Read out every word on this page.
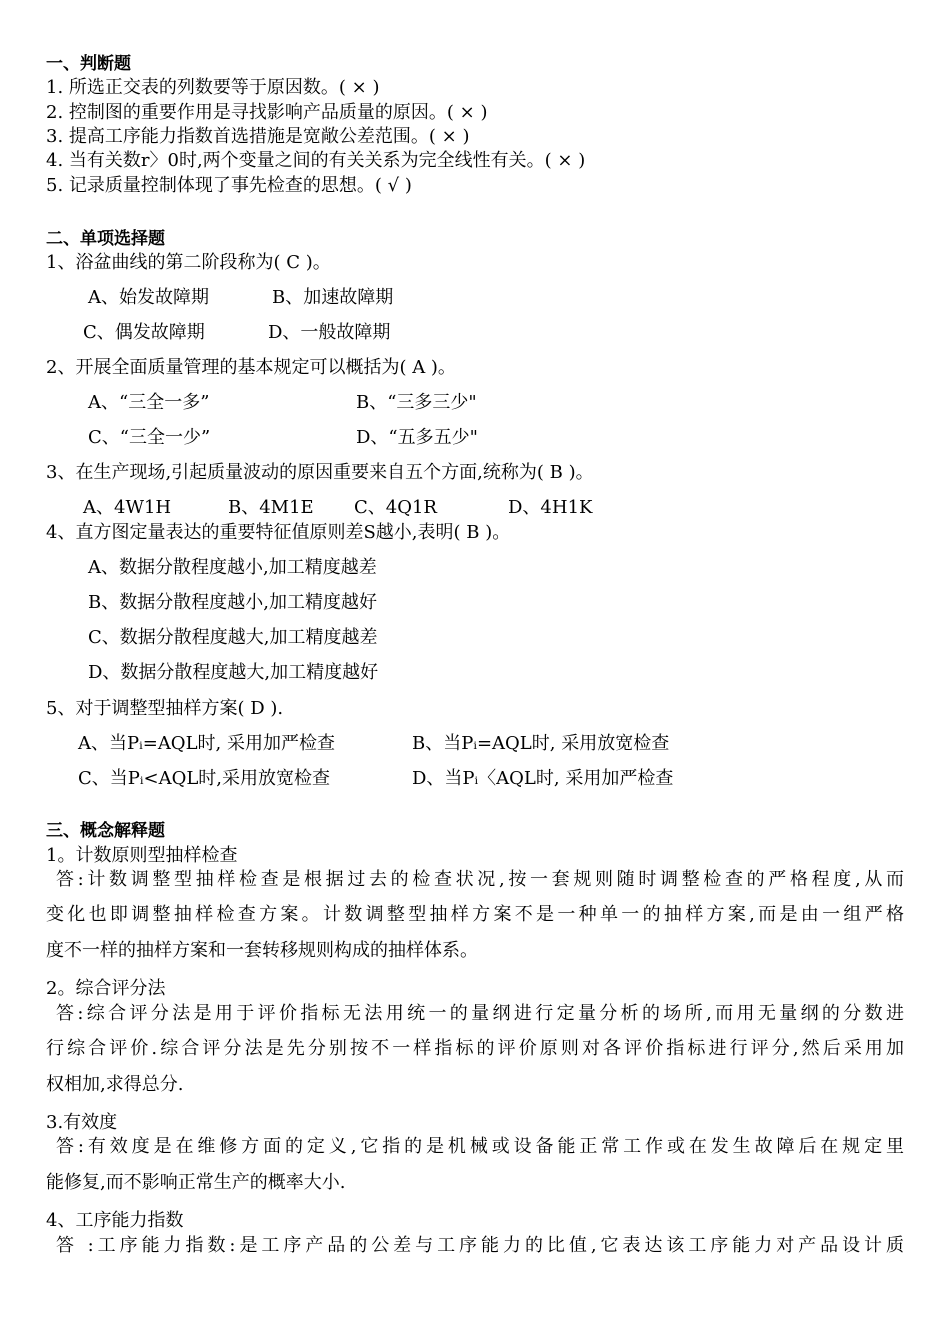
一、判断题
1. 所选正交表的列数要等于原因数。( × )
2. 控制图的重要作用是寻找影响产品质量的原因。( × )
3. 提高工序能力指数首选措施是宽敞公差范围。( × )
4. 当有关数r〉0时,两个变量之间的有关关系为完全线性有关。( × )
5. 记录质量控制体现了事先检查的思想。( √ )
二、单项选择题
1、浴盆曲线的第二阶段称为( C )。
A、始发故障期	B、加速故障期
C、偶发故障期	D、一般故障期
2、开展全面质量管理的基本规定可以概括为( A )。
A、“三全一多”	B、“三多三少"
C、“三全一少”	D、“五多五少"
3、在生产现场,引起质量波动的原因重要来自五个方面,统称为( B )。
A、4W1H	B、4M1E C、4Q1R	D、4H1K
4、直方图定量表达的重要特征值原则差S越小,表明( B )。
A、数据分散程度越小,加工精度越差
B、数据分散程度越小,加工精度越好
C、数据分散程度越大,加工精度越差
D、数据分散程度越大,加工精度越好
5、对于调整型抽样方案( D ).
A、当Pᵢ=AQL时, 采用加严检查	B、当Pᵢ=AQL时, 采用放宽检查
C、当Pᵢ<AQL时,采用放宽检查	D、当Pᵢ〈AQL时, 采用加严检查
三、概念解释题
1。计数原则型抽样检查
答:计数调整型抽样检查是根据过去的检查状况,按一套规则随时调整检查的严格程度,从而
变化也即调整抽样检查方案。计数调整型抽样方案不是一种单一的抽样方案,而是由一组严格
度不一样的抽样方案和一套转移规则构成的抽样体系。
2。综合评分法
答:综合评分法是用于评价指标无法用统一的量纲进行定量分析的场所,而用无量纲的分数进
行综合评价.综合评分法是先分别按不一样指标的评价原则对各评价指标进行评分,然后采用加
权相加,求得总分.
3.有效度
答:有效度是在维修方面的定义,它指的是机械或设备能正常工作或在发生故障后在规定里
能修复,而不影响正常生产的概率大小.
4、工序能力指数
答 :工序能力指数:是工序产品的公差与工序能力的比值,它表达该工序能力对产品设计质
